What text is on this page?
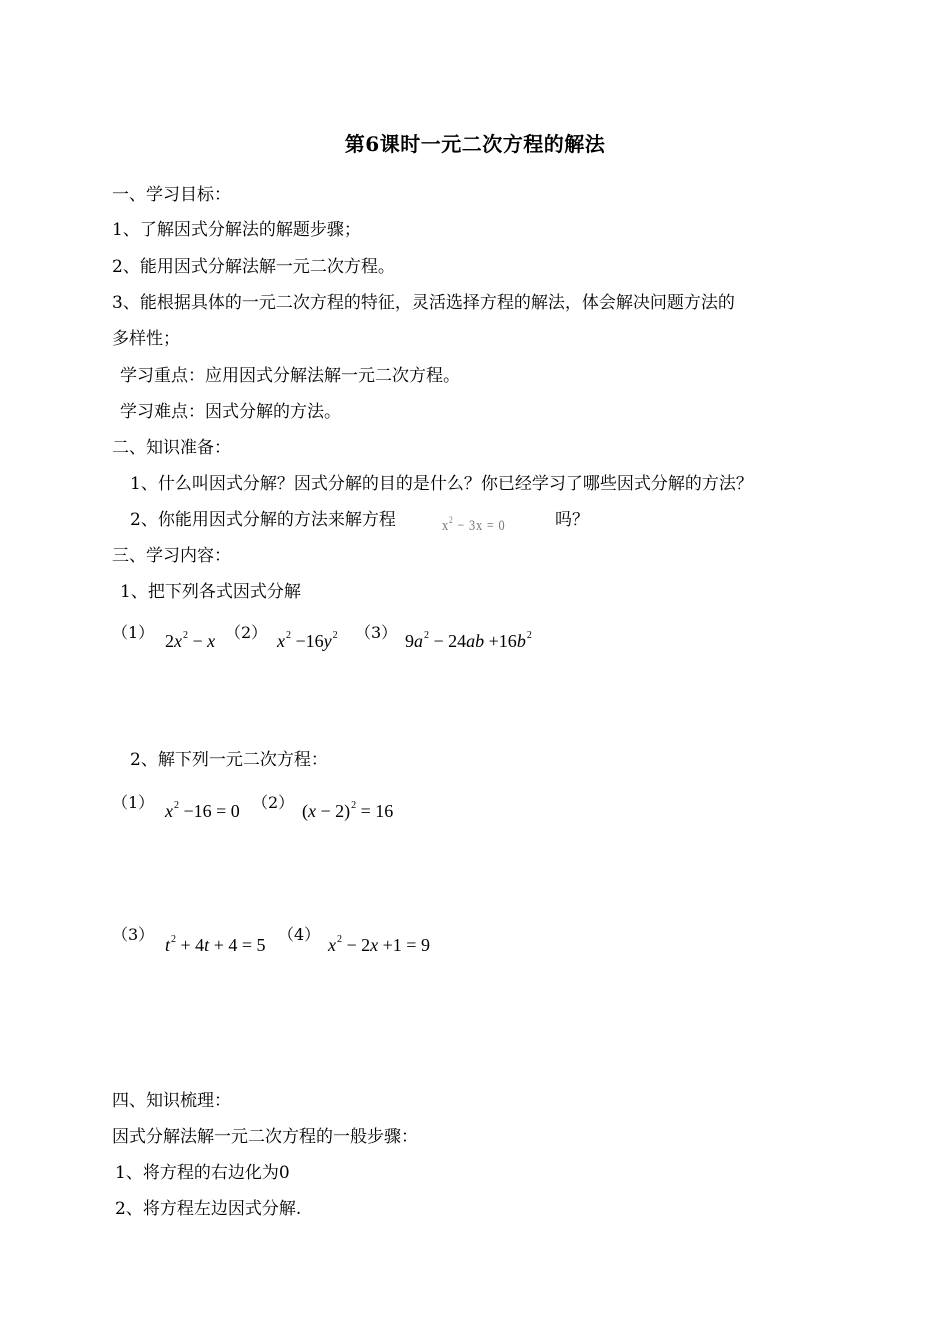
第6课时一元二次方程的解法
一、学习目标：
1、了解因式分解法的解题步骤；
2、能用因式分解法解一元二次方程。
3、能根据具体的一元二次方程的特征，灵活选择方程的解法，体会解决问题方法的
多样性；
学习重点：应用因式分解法解一元二次方程。
学习难点：因式分解的方法。
二、知识准备：
1、什么叫因式分解？因式分解的目的是什么？你已经学习了哪些因式分解的方法？
2、你能用因式分解的方法来解方程	$x^2 - 3x = 0$	吗？
三、学习内容：
1、把下列各式因式分解
（1） $2x^2 - x$ （2） $x^2 -16y^2$ （3） $9a^2 - 24ab +16b^2$
2、解下列一元二次方程：
（1） $x^2 -16 = 0$ （2） $(x - 2)^2 = 16$
（3）
$t^2 + 4t + 4 = 5$
（4）
$x^2 - 2x +1 = 9$
四、知识梳理：
因式分解法解一元二次方程的一般步骤：
1、将方程的右边化为0
2、将方程左边因式分解.
